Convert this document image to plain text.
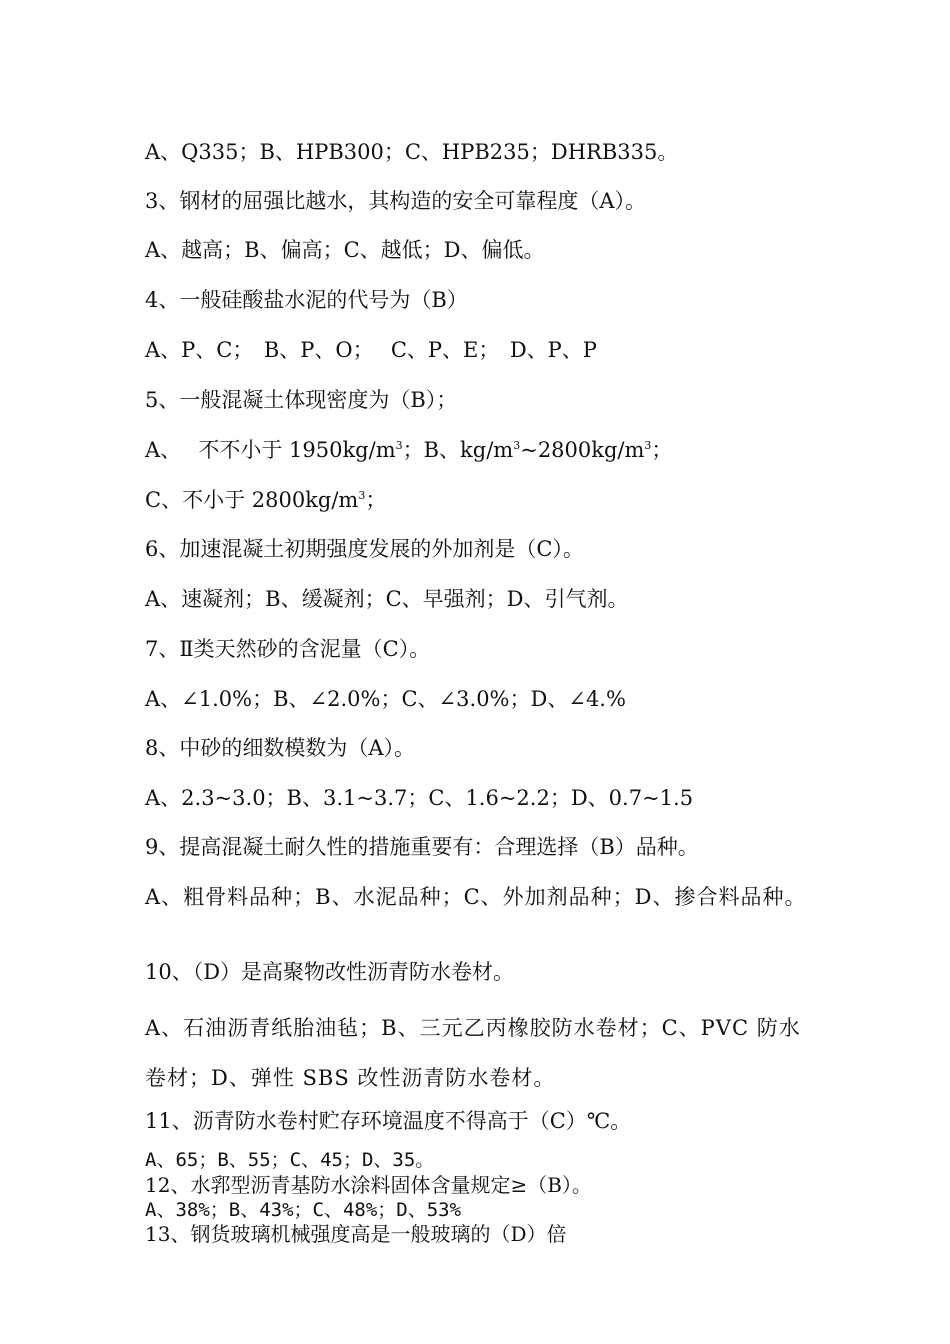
A、Q335；B、HPB300；C、HPB235；DHRB335。
3、钢材的屈强比越水，其构造的安全可靠程度（A）。
A、越高；B、偏高；C、越低；D、偏低。
4、一般硅酸盐水泥的代号为（B）
A、P、C；　B、P、O；　 C、P、E；　D、P、P
5、一般混凝土体现密度为（B）；
A、　 不不小于 $1950kg/m^3$；B、$kg/m^3\sim 2800kg/m^3$；
C、不小于 $2800kg/m^3$；
6、加速混凝土初期强度发展的外加剂是（C）。
A、速凝剂；B、缓凝剂；C、早强剂；D、引气剂。
7、Ⅱ类天然砂的含泥量（C）。
A、∠1.0%；B、∠2.0%；C、∠3.0%；D、∠4.%
8、中砂的细数模数为（A）。
A、2.3~3.0；B、3.1~3.7；C、1.6~2.2；D、0.7~1.5
9、提高混凝土耐久性的措施重要有：合理选择（B）品种。
A、粗骨料品种；B、水泥品种；C、外加剂品种；D、掺合料品种。
10、（D）是高聚物改性沥青防水卷材。
A、石油沥青纸胎油毡；B、三元乙丙橡胶防水卷材；C、PVC 防水卷材；D、弹性 SBS 改性沥青防水卷材。
11、沥青防水卷村贮存环境温度不得高于（C）℃。
A、65；B、55；C、45；D、35。
12、水郛型沥青基防水涂料固体含量规定≥（B）。
A、38%；B、43%；C、48%；D、53%
13、钢货玻璃机械强度高是一般玻璃的（D）倍
